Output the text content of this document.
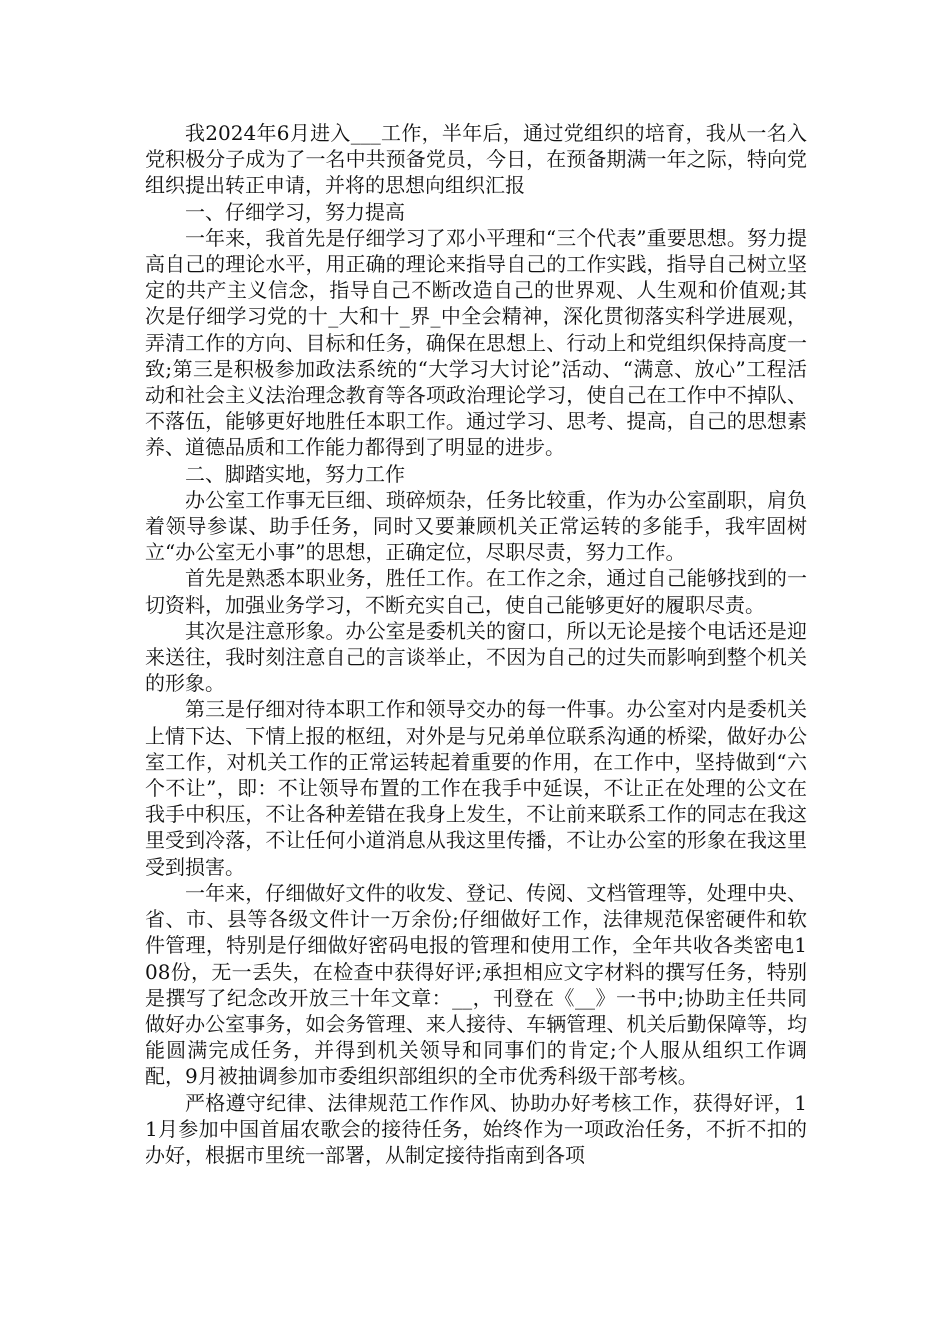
我2024年6月进入___工作，半年后，通过党组织的培育，我从一名入党积极分子成为了一名中共预备党员，今日，在预备期满一年之际，特向党组织提出转正申请，并将的思想向组织汇报

一、仔细学习，努力提高

一年来，我首先是仔细学习了邓小平理和“三个代表”重要思想。努力提高自己的理论水平，用正确的理论来指导自己的工作实践，指导自己树立坚定的共产主义信念，指导自己不断改造自己的世界观、人生观和价值观;其次是仔细学习党的十_大和十_界_中全会精神，深化贯彻落实科学进展观，弄清工作的方向、目标和任务，确保在思想上、行动上和党组织保持高度一致;第三是积极参加政法系统的“大学习大讨论”活动、“满意、放心”工程活动和社会主义法治理念教育等各项政治理论学习，使自己在工作中不掉队、不落伍，能够更好地胜任本职工作。通过学习、思考、提高，自己的思想素养、道德品质和工作能力都得到了明显的进步。

二、脚踏实地，努力工作

办公室工作事无巨细、琐碎烦杂，任务比较重，作为办公室副职，肩负着领导参谋、助手任务，同时又要兼顾机关正常运转的多能手，我牢固树立“办公室无小事”的思想，正确定位，尽职尽责，努力工作。

首先是熟悉本职业务，胜任工作。在工作之余，通过自己能够找到的一切资料，加强业务学习，不断充实自己，使自己能够更好的履职尽责。

其次是注意形象。办公室是委机关的窗口，所以无论是接个电话还是迎来送往，我时刻注意自己的言谈举止，不因为自己的过失而影响到整个机关的形象。

第三是仔细对待本职工作和领导交办的每一件事。办公室对内是委机关上情下达、下情上报的枢纽，对外是与兄弟单位联系沟通的桥梁，做好办公室工作，对机关工作的正常运转起着重要的作用，在工作中，坚持做到“六个不让”，即：不让领导布置的工作在我手中延误，不让正在处理的公文在我手中积压，不让各种差错在我身上发生，不让前来联系工作的同志在我这里受到冷落，不让任何小道消息从我这里传播，不让办公室的形象在我这里受到损害。

一年来，仔细做好文件的收发、登记、传阅、文档管理等，处理中央、省、市、县等各级文件计一万余份;仔细做好工作，法律规范保密硬件和软件管理，特别是仔细做好密码电报的管理和使用工作，全年共收各类密电108份，无一丢失，在检查中获得好评;承担相应文字材料的撰写任务，特别是撰写了纪念改开放三十年文章：__，刊登在《__》一书中;协助主任共同做好办公室事务，如会务管理、来人接待、车辆管理、机关后勤保障等，均能圆满完成任务，并得到机关领导和同事们的肯定;个人服从组织工作调配，9月被抽调参加市委组织部组织的全市优秀科级干部考核。

严格遵守纪律、法律规范工作作风、协助办好考核工作，获得好评，11月参加中国首届农歌会的接待任务，始终作为一项政治任务，不折不扣的办好，根据市里统一部署，从制定接待指南到各项
